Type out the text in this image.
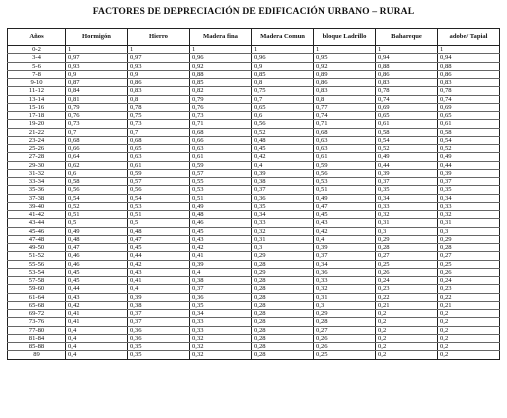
FACTORES DE DEPRECIACIÓN DE EDIFICACIÓN URBANO – RURAL
Años	Hormigón	Hierro	Madera fina	Madera Comun	bloque Ladrillo	Bahareque	adobe/ Tapial
0-2	1	1	1	1	1	1	1
3-4	0,97	0,97	0,96	0,96	0,95	0,94	0,94
5-6	0,93	0,93	0,92	0,9	0,92	0,88	0,88
7-8	0,9	0,9	0,88	0,85	0,89	0,86	0,86
9-10	0,87	0,86	0,85	0,8	0,86	0,83	0,83
11-12	0,84	0,83	0,82	0,75	0,83	0,78	0,78
13-14	0,81	0,8	0,79	0,7	0,8	0,74	0,74
15-16	0,79	0,78	0,76	0,65	0,77	0,69	0,69
17-18	0,76	0,75	0,73	0,6	0,74	0,65	0,65
19-20	0,73	0,73	0,71	0,56	0,71	0,61	0,61
21-22	0,7	0,7	0,68	0,52	0,68	0,58	0,58
23-24	0,68	0,68	0,66	0,48	0,63	0,54	0,54
25-26	0,66	0,65	0,63	0,45	0,63	0,52	0,52
27-28	0,64	0,63	0,61	0,42	0,61	0,49	0,49
29-30	0,62	0,61	0,59	0,4	0,59	0,44	0,44
31-32	0,6	0,59	0,57	0,39	0,56	0,39	0,39
33-34	0,58	0,57	0,55	0,38	0,53	0,37	0,37
35-36	0,56	0,56	0,53	0,37	0,51	0,35	0,35
37-38	0,54	0,54	0,51	0,36	0,49	0,34	0,34
39-40	0,52	0,53	0,49	0,35	0,47	0,33	0,33
41-42	0,51	0,51	0,48	0,34	0,45	0,32	0,32
43-44	0,5	0,5	0,46	0,33	0,43	0,31	0,31
45-46	0,49	0,48	0,45	0,32	0,42	0,3	0,3
47-48	0,48	0,47	0,43	0,31	0,4	0,29	0,29
49-50	0,47	0,45	0,42	0,3	0,39	0,28	0,28
51-52	0,46	0,44	0,41	0,29	0,37	0,27	0,27
55-56	0,46	0,42	0,39	0,28	0,34	0,25	0,25
53-54	0,45	0,43	0,4	0,29	0,36	0,26	0,26
57-58	0,45	0,41	0,38	0,28	0,33	0,24	0,24
59-60	0,44	0,4	0,37	0,28	0,32	0,23	0,23
61-64	0,43	0,39	0,36	0,28	0,31	0,22	0,22
65-68	0,42	0,38	0,35	0,28	0,3	0,21	0,21
69-72	0,41	0,37	0,34	0,28	0,29	0,2	0,2
73-76	0,41	0,37	0,33	0,28	0,28	0,2	0,2
77-80	0,4	0,36	0,33	0,28	0,27	0,2	0,2
81-84	0,4	0,36	0,32	0,28	0,26	0,2	0,2
85-88	0,4	0,35	0,32	0,28	0,26	0,2	0,2
89	0,4	0,35	0,32	0,28	0,25	0,2	0,2
